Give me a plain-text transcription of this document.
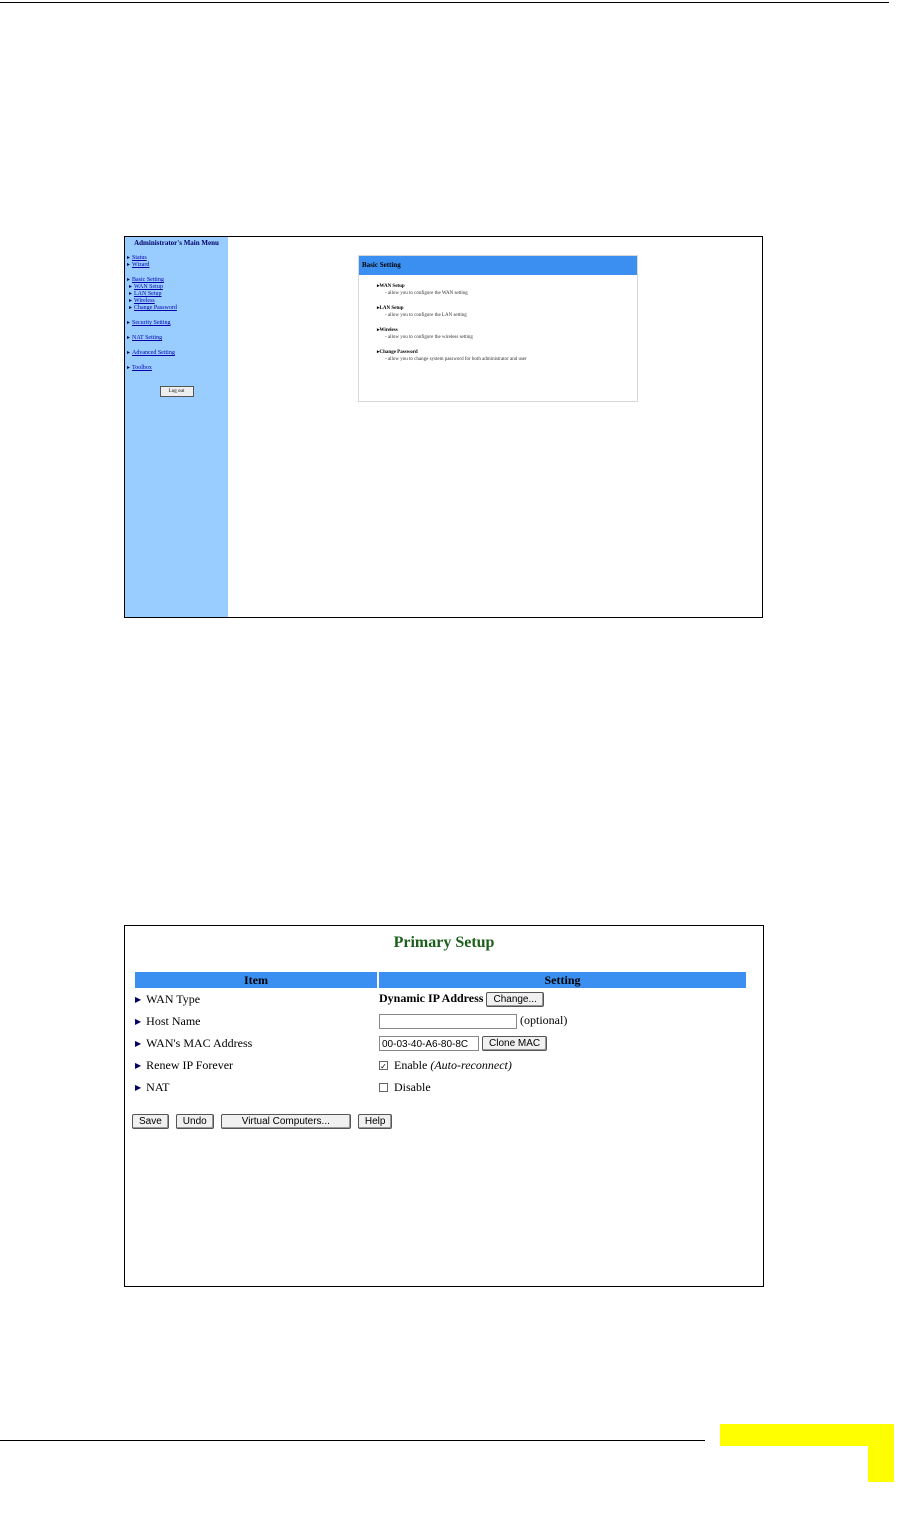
Administrator's Main Menu
▸ Status
▸ Wizard
▸ Basic Setting
▸ WAN Setup
▸ LAN Setup
▸ Wireless
▸ Change Password
▸ Security Setting
▸ NAT Setting
▸ Advanced Setting
▸ Toolbox
Log out
Basic Setting
▸ WAN Setup
- allow you to configure the WAN setting
▸ LAN Setup
- allow you to configure the LAN setting
▸ Wireless
- allow you to configure the wireless setting
▸ Change Password
- allow you to change system password for both administrator and user
Primary Setup
Item	Setting
▶ WAN Type	Dynamic IP Address Change...
▶ Host Name	(optional)
▶ WAN's MAC Address	00-03-40-A6-80-8C Clone MAC
▶ Renew IP Forever	✓ Enable (Auto-reconnect)
▶ NAT	Disable
Save Undo	Virtual Computers...	Help
